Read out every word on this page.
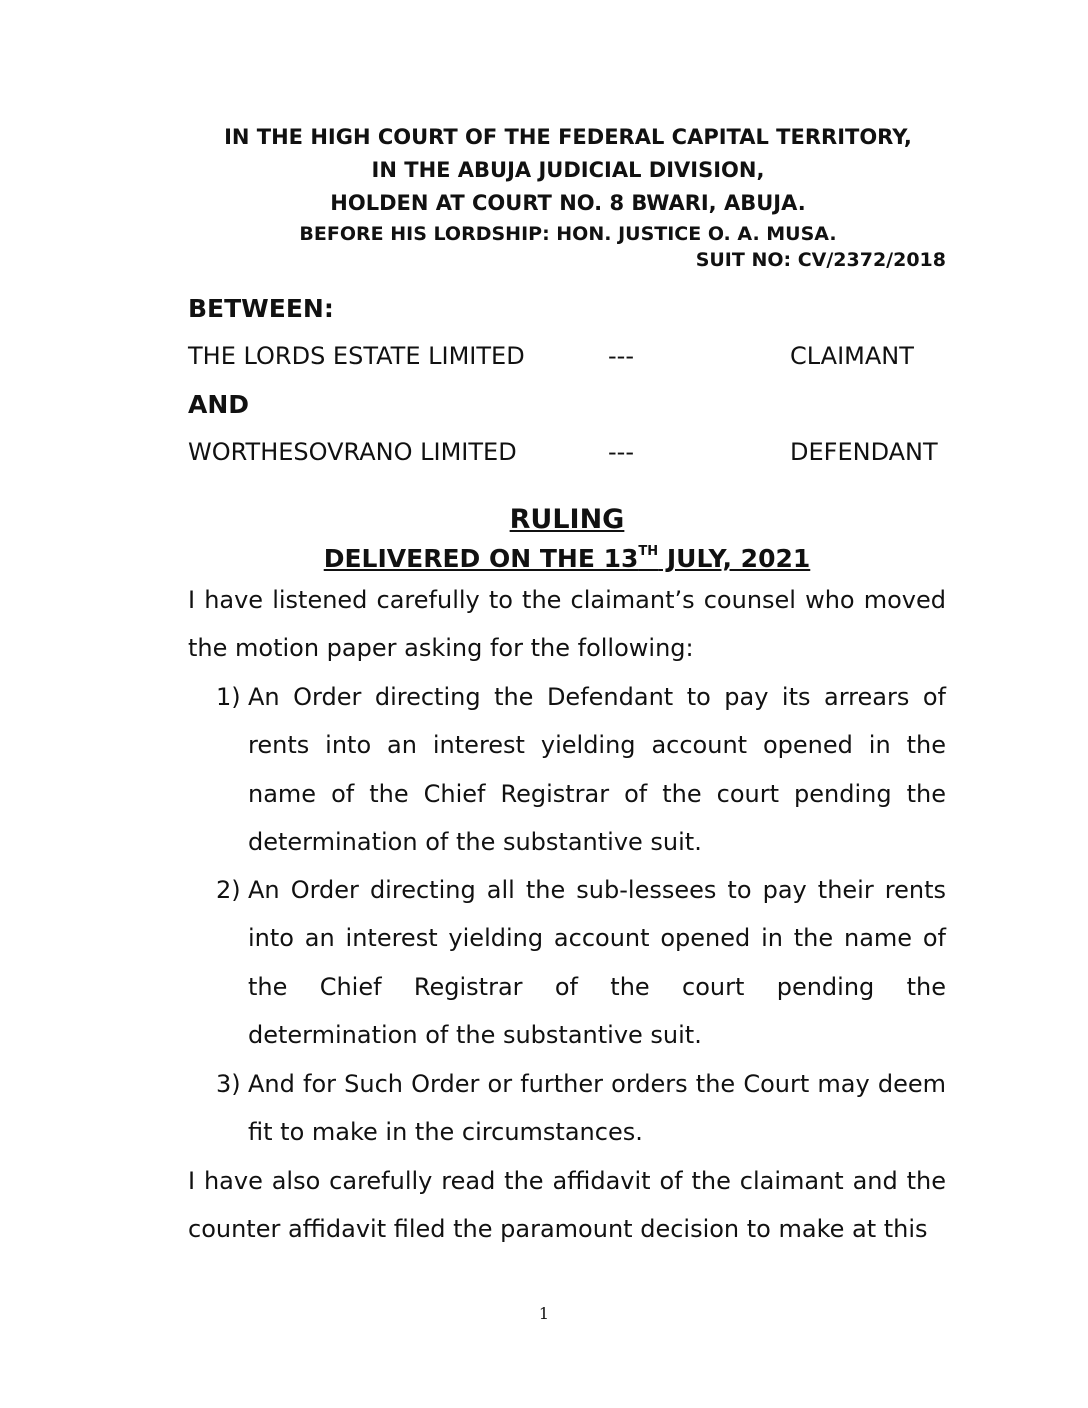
IN THE HIGH COURT OF THE FEDERAL CAPITAL TERRITORY,
IN THE ABUJA JUDICIAL DIVISION,
HOLDEN AT COURT NO. 8 BWARI, ABUJA.
BEFORE HIS LORDSHIP: HON. JUSTICE O. A. MUSA.
SUIT NO: CV/2372/2018
BETWEEN:
THE LORDS ESTATE LIMITED	---	CLAIMANT
AND
WORTHESOVRANO LIMITED	---	DEFENDANT
RULING
DELIVERED ON THE 13TH JULY, 2021
I have listened carefully to the claimant’s counsel who moved the motion paper asking for the following:
1) An Order directing the Defendant to pay its arrears of rents into an interest yielding account opened in the name of the Chief Registrar of the court pending the determination of the substantive suit.
2) An Order directing all the sub-lessees to pay their rents into an interest yielding account opened in the name of the Chief Registrar of the court pending the determination of the substantive suit.
3) And for Such Order or further orders the Court may deem fit to make in the circumstances.
I have also carefully read the affidavit of the claimant and the counter affidavit filed the paramount decision to make at this
1
